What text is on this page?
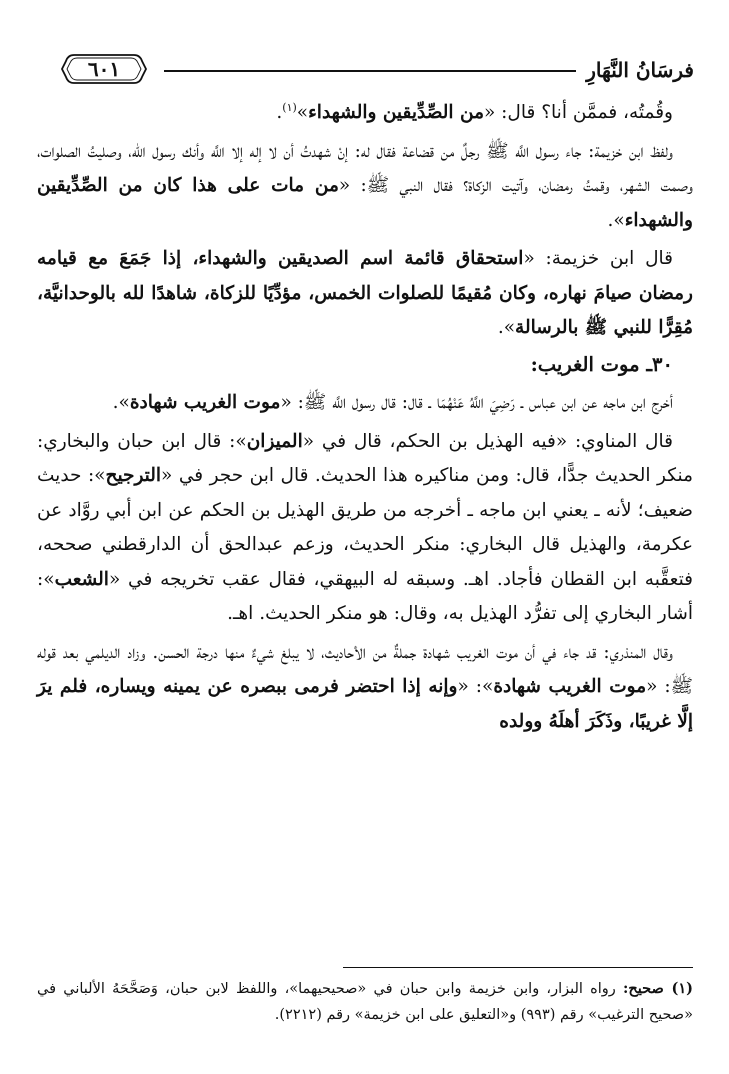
فرسَانُ النَّهَارِ
٦٠١

وقُمتُه، فممَّن أنا؟ قال: «من الصِّدِّيقين والشهداء»$^{(١)}$.

ولفظ ابن خزيمة: جاء رسول اللَّه ﷺ رجلٌ من قضاعة فقال له: إنْ شهدتُ أن لا إله إلا اللَّه وأنك رسول الله، وصليتُ الصلوات، وصمت الشهر، وقمتُ رمضان، وآتيت الزكاة؟ فقال النبي ﷺ: «من مات على هذا كان من الصِّدِّيقين والشهداء».

قال ابن خزيمة: «استحقاق قائمة اسم الصديقين والشهداء، إذا جَمَعَ مع قيامه رمضان صيامَ نهاره، وكان مُقيمًا للصلوات الخمس، مؤدِّيًا للزكاة، شاهدًا لله بالوحدانيَّة، مُقِرًّا للنبي ﷺ بالرسالة».

٣٠ـ موت الغريب:

أخرج ابن ماجه عن ابن عباس ـ رَضِيَ اللَّهُ عَنْهُمَا ـ قال: قال رسول اللَّه ﷺ: «موت الغريب شهادة».

قال المناوي: «فيه الهذيل بن الحكم، قال في «الميزان»: قال ابن حبان والبخاري: منكر الحديث جدًّا، قال: ومن مناكيره هذا الحديث. قال ابن حجر في «الترجيح»: حديث ضعيف؛ لأنه ـ يعني ابن ماجه ـ أخرجه من طريق الهذيل بن الحكم عن ابن أبي روَّاد عن عكرمة، والهذيل قال البخاري: منكر الحديث، وزعم عبدالحق أن الدارقطني صححه، فتعقَّبه ابن القطان فأجاد. اهـ. وسبقه له البيهقي، فقال عقب تخريجه في «الشعب»: أشار البخاري إلى تفرُّد الهذيل به، وقال: هو منكر الحديث. اهـ.

وقال المنذري: قد جاء في أن موت الغريب شهادة جملةٌ من الأحاديث، لا يبلغ شيءٌ منها درجة الحسن. وزاد الديلمي بعد قوله ﷺ: «موت الغريب شهادة»: «وإنه إذا احتضر فرمى ببصره عن يمينه ويساره، فلم يرَ إلَّا غريبًا، وذَكَرَ أهلَهُ وولده

(١) صحيح: رواه البزار، وابن خزيمة وابن حبان في «صحيحيهما»، واللفظ لابن حبان، وَصَحَّحَهُ الألباني في «صحيح الترغيب» رقم (٩٩٣) و«التعليق على ابن خزيمة» رقم (٢٢١٢).
